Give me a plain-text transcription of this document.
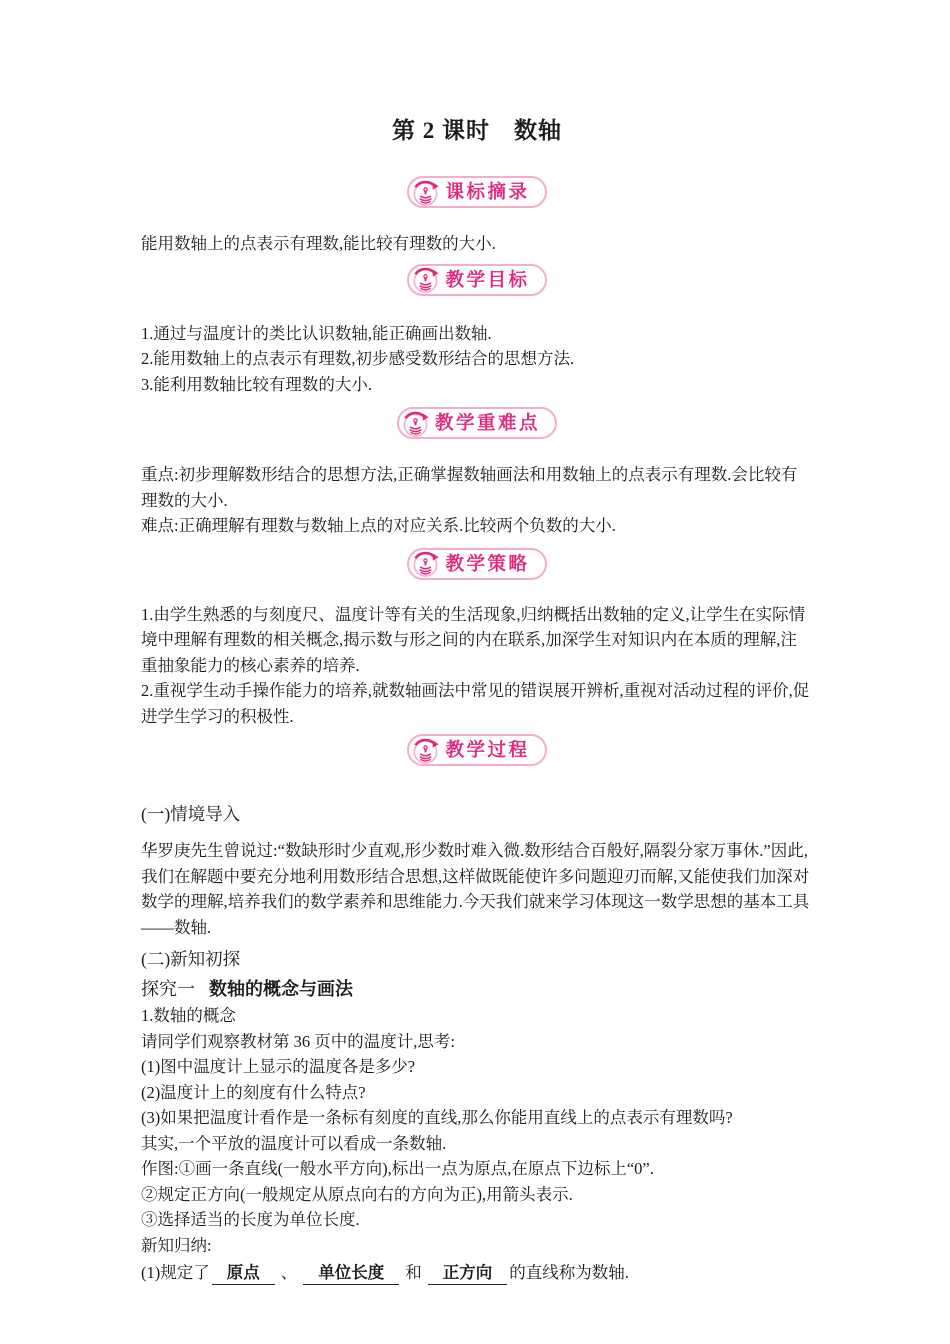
第 2 课时　数轴
课标摘录

能用数轴上的点表示有理数,能比较有理数的大小.

教学目标

1.通过与温度计的类比认识数轴,能正确画出数轴.

2.能用数轴上的点表示有理数,初步感受数形结合的思想方法.

3.能利用数轴比较有理数的大小.

教学重难点

重点:初步理解数形结合的思想方法,正确掌握数轴画法和用数轴上的点表示有理数.会比较有理数的大小.

难点:正确理解有理数与数轴上点的对应关系.比较两个负数的大小.

教学策略

1.由学生熟悉的与刻度尺、温度计等有关的生活现象,归纳概括出数轴的定义,让学生在实际情境中理解有理数的相关概念,揭示数与形之间的内在联系,加深学生对知识内在本质的理解,注重抽象能力的核心素养的培养.

2.重视学生动手操作能力的培养,就数轴画法中常见的错误展开辨析,重视对活动过程的评价,促进学生学习的积极性.

教学过程

(一)情境导入

华罗庚先生曾说过:“数缺形时少直观,形少数时难入微.数形结合百般好,隔裂分家万事休.”因此,我们在解题中要充分地利用数形结合思想,这样做既能使许多问题迎刃而解,又能使我们加深对数学的理解,培养我们的数学素养和思维能力.今天我们就来学习体现这一数学思想的基本工具——数轴.

(二)新知初探

探究一 数轴的概念与画法

1.数轴的概念

请同学们观察教材第 36 页中的温度计,思考:

(1)图中温度计上显示的温度各是多少?

(2)温度计上的刻度有什么特点?

(3)如果把温度计看作是一条标有刻度的直线,那么你能用直线上的点表示有理数吗?

其实,一个平放的温度计可以看成一条数轴.

作图:①画一条直线(一般水平方向),标出一点为原点,在原点下边标上“0”.

②规定正方向(一般规定从原点向右的方向为正),用箭头表示.

③选择适当的长度为单位长度.

新知归纳:

(1)规定了 原点 、 单位长度 和 正方向 的直线称为数轴.
